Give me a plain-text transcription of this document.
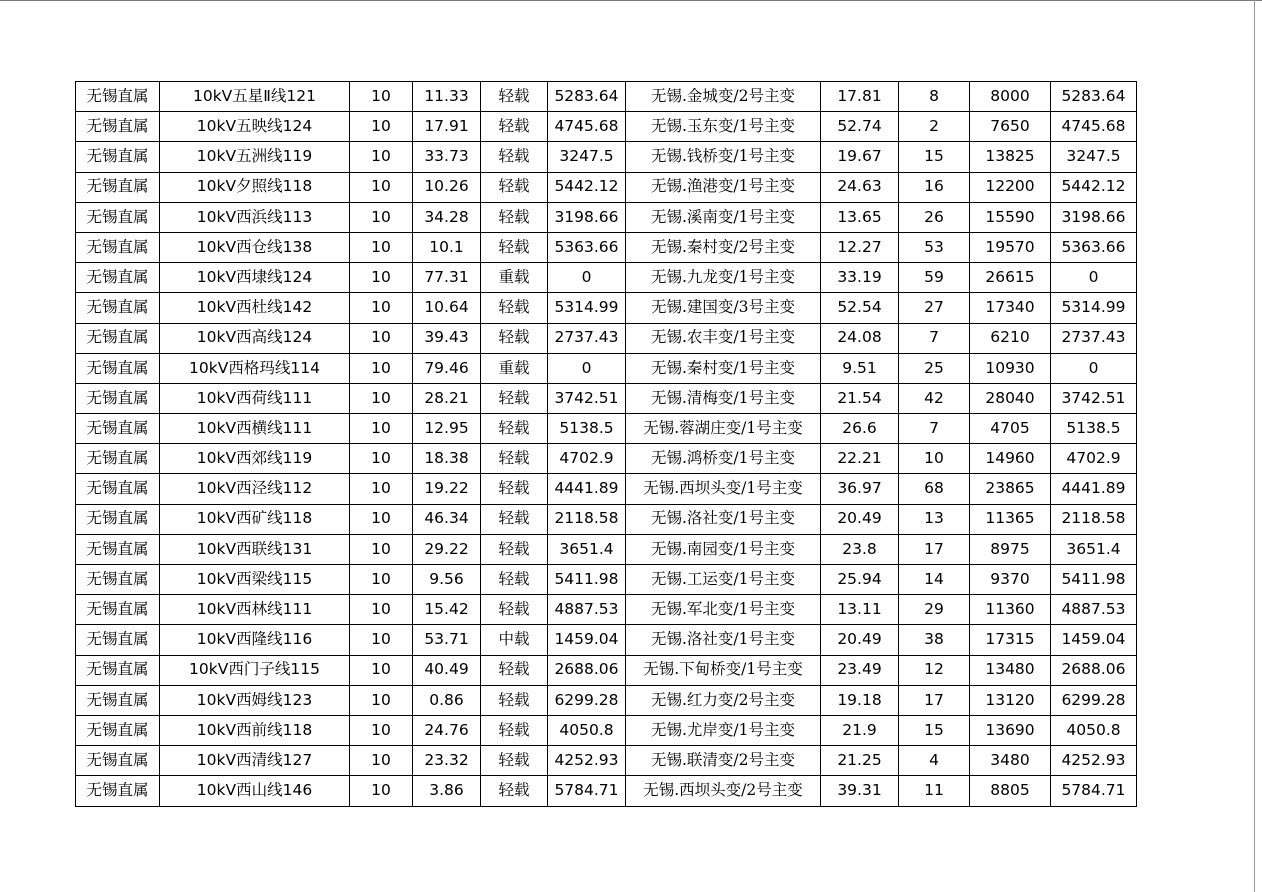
无锡直属	10kV五星Ⅱ线121	10	11.33	轻载	5283.64	无锡.金城变/2号主变	17.81	8	8000	5283.64
无锡直属	10kV五映线124	10	17.91	轻载	4745.68	无锡.玉东变/1号主变	52.74	2	7650	4745.68
无锡直属	10kV五洲线119	10	33.73	轻载	3247.5	无锡.钱桥变/1号主变	19.67	15	13825	3247.5
无锡直属	10kV夕照线118	10	10.26	轻载	5442.12	无锡.渔港变/1号主变	24.63	16	12200	5442.12
无锡直属	10kV西浜线113	10	34.28	轻载	3198.66	无锡.溪南变/1号主变	13.65	26	15590	3198.66
无锡直属	10kV西仓线138	10	10.1	轻载	5363.66	无锡.秦村变/2号主变	12.27	53	19570	5363.66
无锡直属	10kV西埭线124	10	77.31	重载	0	无锡.九龙变/1号主变	33.19	59	26615	0
无锡直属	10kV西杜线142	10	10.64	轻载	5314.99	无锡.建国变/3号主变	52.54	27	17340	5314.99
无锡直属	10kV西高线124	10	39.43	轻载	2737.43	无锡.农丰变/1号主变	24.08	7	6210	2737.43
无锡直属	10kV西格玛线114	10	79.46	重载	0	无锡.秦村变/1号主变	9.51	25	10930	0
无锡直属	10kV西荷线111	10	28.21	轻载	3742.51	无锡.清梅变/1号主变	21.54	42	28040	3742.51
无锡直属	10kV西横线111	10	12.95	轻载	5138.5	无锡.蓉湖庄变/1号主变	26.6	7	4705	5138.5
无锡直属	10kV西郊线119	10	18.38	轻载	4702.9	无锡.鸿桥变/1号主变	22.21	10	14960	4702.9
无锡直属	10kV西泾线112	10	19.22	轻载	4441.89	无锡.西坝头变/1号主变	36.97	68	23865	4441.89
无锡直属	10kV西矿线118	10	46.34	轻载	2118.58	无锡.洛社变/1号主变	20.49	13	11365	2118.58
无锡直属	10kV西联线131	10	29.22	轻载	3651.4	无锡.南园变/1号主变	23.8	17	8975	3651.4
无锡直属	10kV西梁线115	10	9.56	轻载	5411.98	无锡.工运变/1号主变	25.94	14	9370	5411.98
无锡直属	10kV西林线111	10	15.42	轻载	4887.53	无锡.军北变/1号主变	13.11	29	11360	4887.53
无锡直属	10kV西隆线116	10	53.71	中载	1459.04	无锡.洛社变/1号主变	20.49	38	17315	1459.04
无锡直属	10kV西门子线115	10	40.49	轻载	2688.06	无锡.下甸桥变/1号主变	23.49	12	13480	2688.06
无锡直属	10kV西姆线123	10	0.86	轻载	6299.28	无锡.红力变/2号主变	19.18	17	13120	6299.28
无锡直属	10kV西前线118	10	24.76	轻载	4050.8	无锡.尤岸变/1号主变	21.9	15	13690	4050.8
无锡直属	10kV西清线127	10	23.32	轻载	4252.93	无锡.联清变/2号主变	21.25	4	3480	4252.93
无锡直属	10kV西山线146	10	3.86	轻载	5784.71	无锡.西坝头变/2号主变	39.31	11	8805	5784.71
